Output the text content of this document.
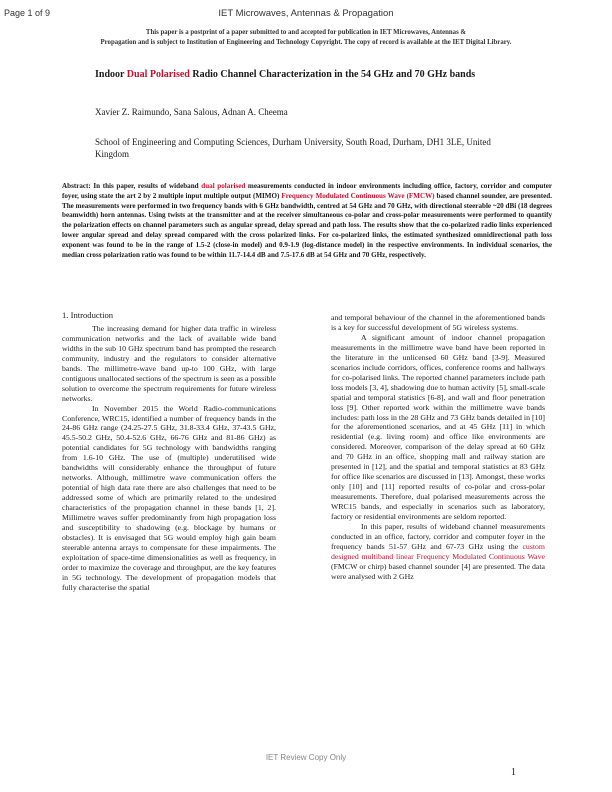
Page 1 of 9	IET Microwaves, Antennas & Propagation
This paper is a postprint of a paper submitted to and accepted for publication in IET Microwaves, Antennas &
Propagation and is subject to Institution of Engineering and Technology Copyright. The copy of record is available at the IET Digital Library.
Indoor Dual Polarised Radio Channel Characterization in the 54 GHz and 70 GHz bands
Xavier Z. Raimundo, Sana Salous, Adnan A. Cheema
School of Engineering and Computing Sciences, Durham University, South Road, Durham, DH1 3LE, United Kingdom
Abstract: In this paper, results of wideband dual polarised measurements conducted in indoor environments including office, factory, corridor and computer foyer, using state the art 2 by 2 multiple input multiple output (MIMO) Frequency Modulated Continuous Wave (FMCW) based channel sounder, are presented. The measurements were performed in two frequency bands with 6 GHz bandwidth, centred at 54 GHz and 70 GHz, with directional steerable ~20 dBi (18 degrees beamwidth) horn antennas. Using twists at the transmitter and at the receiver simultaneous co-polar and cross-polar measurements were performed to quantify the polarization effects on channel parameters such as angular spread, delay spread and path loss. The results show that the co-polarized radio links experienced lower angular spread and delay spread compared with the cross polarized links. For co-polarized links, the estimated synthesized omnidirectional path loss exponent was found to be in the range of 1.5-2 (close-in model) and 0.9-1.9 (log-distance model) in the respective environments. In individual scenarios, the median cross polarization ratio was found to be within 11.7-14.4 dB and 7.5-17.6 dB at 54 GHz and 70 GHz, respectively.
1. Introduction

The increasing demand for higher data traffic in wireless communication networks and the lack of available wide band widths in the sub 10 GHz spectrum band has prompted the research community, industry and the regulators to consider alternative bands. The millimetre-wave band up-to 100 GHz, with large contiguous unallocated sections of the spectrum is seen as a possible solution to overcome the spectrum requirements for future wireless networks.

In November 2015 the World Radio-communications Conference, WRC15, identified a number of frequency bands in the 24-86 GHz range (24.25-27.5 GHz, 31.8-33.4 GHz, 37-43.5 GHz, 45.5-50.2 GHz, 50.4-52.6 GHz, 66-76 GHz and 81-86 GHz) as potential candidates for 5G technology with bandwidths ranging from 1.6-10 GHz. The use of (multiple) underutilised wide bandwidths will considerably enhance the throughput of future networks. Although, millimetre wave communication offers the potential of high data rate there are also challenges that need to be addressed some of which are primarily related to the undesired characteristics of the propagation channel in these bands [1, 2]. Millimetre waves suffer predominantly from high propagation loss and susceptibility to shadowing (e.g. blockage by humans or obstacles). It is envisaged that 5G would employ high gain beam steerable antenna arrays to compensate for these impairments. The exploitation of space-time dimensionalities as well as frequency, in order to maximize the coverage and throughput, are the key features in 5G technology. The development of propagation models that fully characterise the spatial

and temporal behaviour of the channel in the aforementioned bands is a key for successful development of 5G wireless systems.

A significant amount of indoor channel propagation measurements in the millimetre wave band have been reported in the literature in the unlicensed 60 GHz band [3-9]. Measured scenarios include corridors, offices, conference rooms and hallways for co-polarised links. The reported channel parameters include path loss models [3, 4], shadowing due to human activity [5], small-scale spatial and temporal statistics [6-8], and wall and floor penetration loss [9]. Other reported work within the millimetre wave bands includes: path loss in the 28 GHz and 73 GHz bands detailed in [10] for the aforementioned scenarios, and at 45 GHz [11] in which residential (e.g. living room) and office like environments are considered. Moreover, comparison of the delay spread at 60 GHz and 70 GHz in an office, shopping mall and railway station are presented in [12], and the spatial and temporal statistics at 83 GHz for office like scenarios are discussed in [13]. Amongst, these works only [10] and [11] reported results of co-polar and cross-polar measurements. Therefore, dual polarised measurements across the WRC15 bands, and especially in scenarios such as laboratory, factory or residential environments are seldom reported.

In this paper, results of wideband channel measurements conducted in an office, factory, corridor and computer foyer in the frequency bands 51-57 GHz and 67-73 GHz using the custom designed multiband linear Frequency Modulated Continuous Wave (FMCW or chirp) based channel sounder [4] are presented. The data were analysed with 2 GHz

IET Review Copy Only
1
